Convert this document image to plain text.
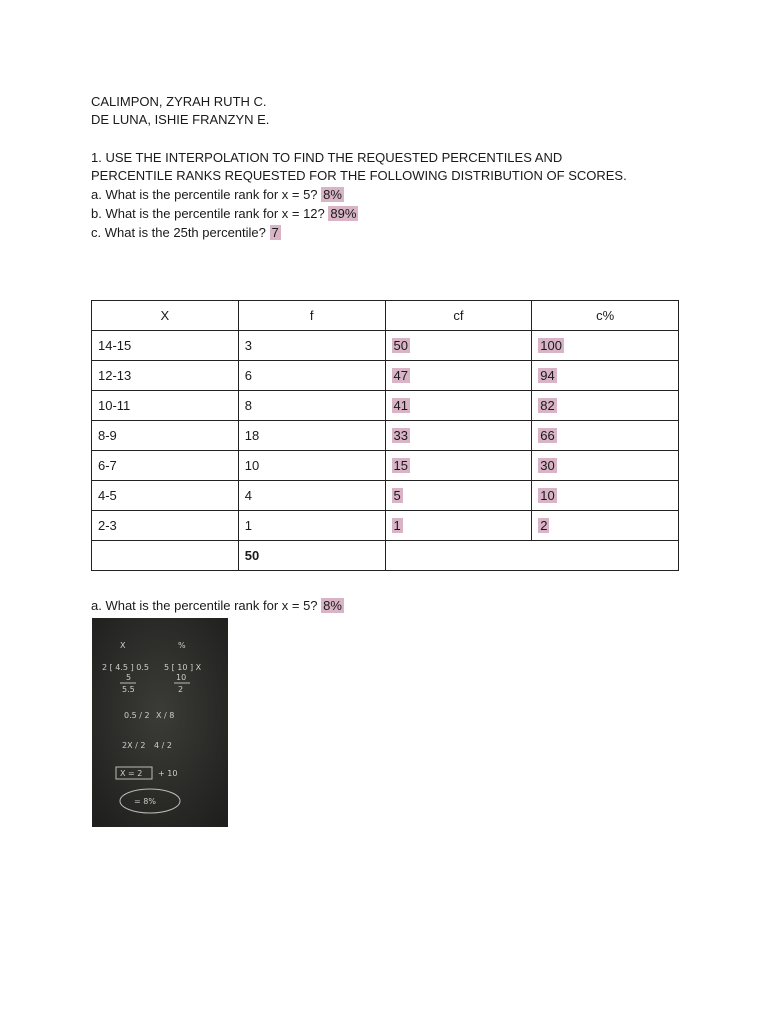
CALIMPON, ZYRAH RUTH C.
DE LUNA, ISHIE FRANZYN E.
1. USE THE INTERPOLATION TO FIND THE REQUESTED PERCENTILES AND
PERCENTILE RANKS REQUESTED FOR THE FOLLOWING DISTRIBUTION OF SCORES.
a. What is the percentile rank for x = 5? 8%
b. What is the percentile rank for x = 12? 89%
c. What is the 25th percentile? 7
X	f	cf	c%
14-15	3	50	100
12-13	6	47	94
10-11	8	41	82
8-9	18	33	66
6-7	10	15	30
4-5	4	5	10
2-3	1	1	2
	50		
a. What is the percentile rank for x = 5? 8%
X	%
2 [ 4.5 ] 0.5 5 [ 10 ] X
5
5.5
10
2
0.5 / 2 X / 8
2X / 2 4 / 2
X = 2 + 10
= 8%
